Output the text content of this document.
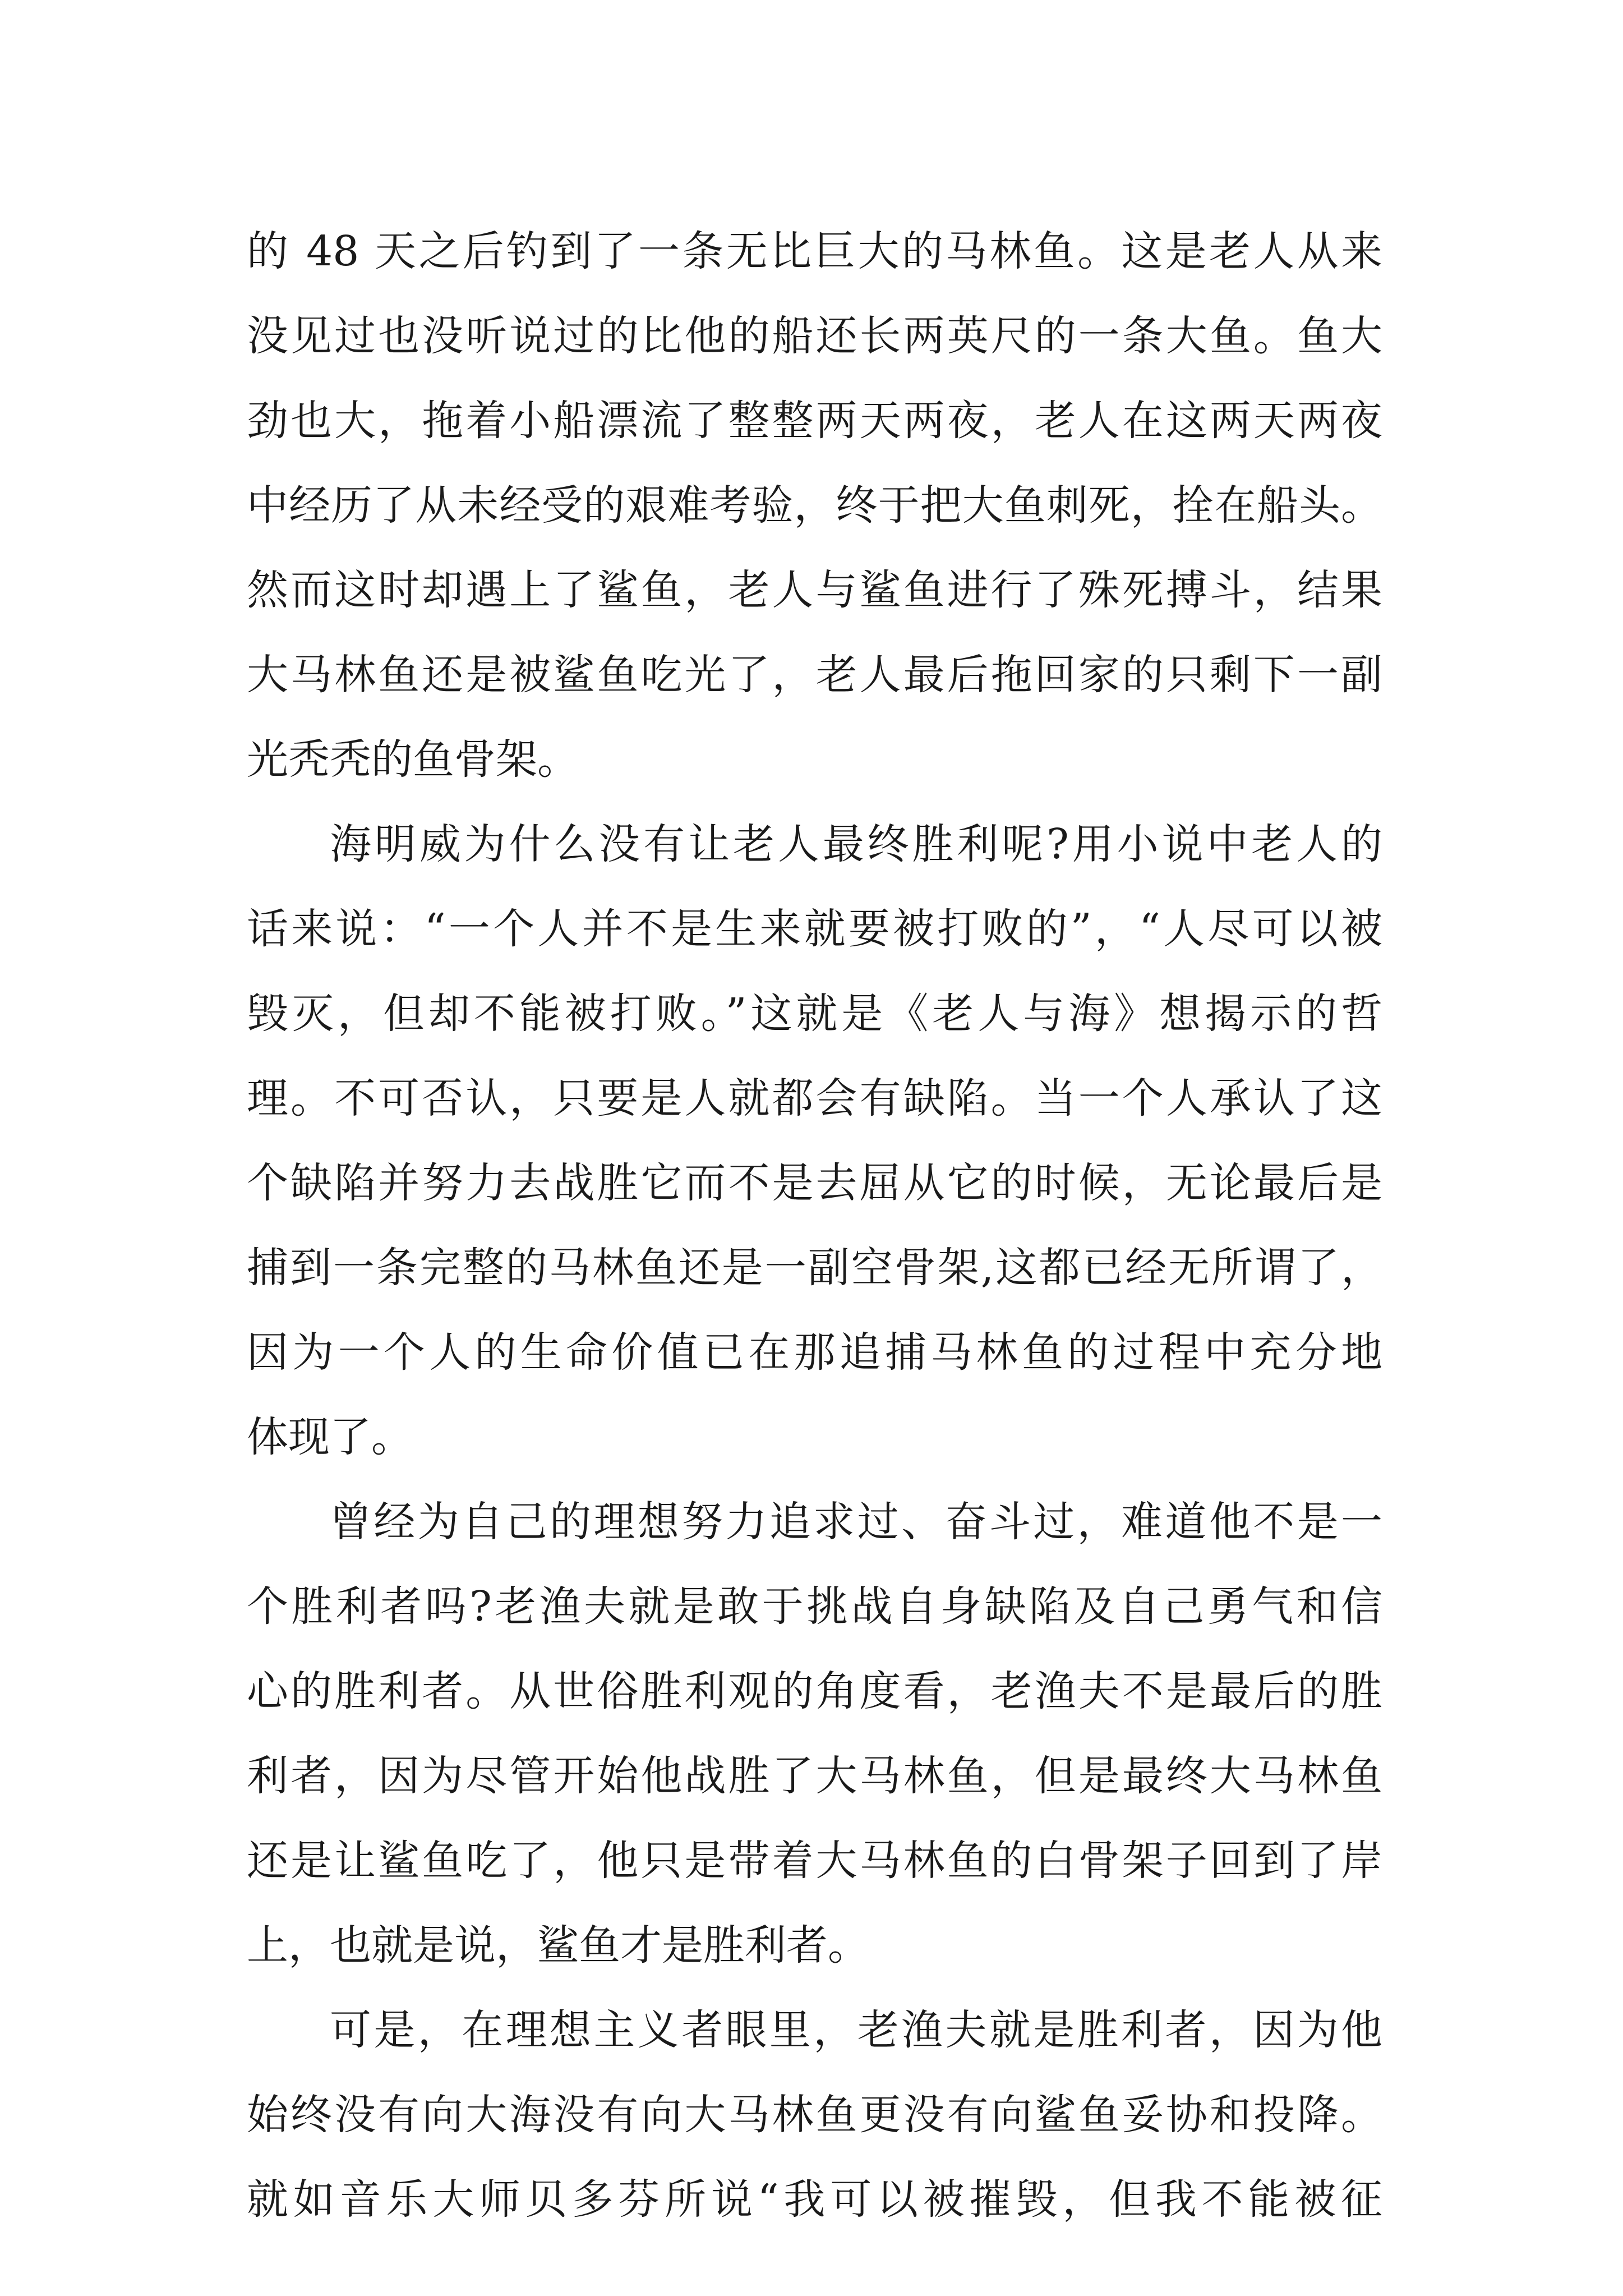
的 48 天之后钓到了一条无比巨大的马林鱼。这是老人从来
没见过也没听说过的比他的船还长两英尺的一条大鱼。鱼大
劲也大，拖着小船漂流了整整两天两夜，老人在这两天两夜
中经历了从未经受的艰难考验，终于把大鱼刺死，拴在船头。
然而这时却遇上了鲨鱼，老人与鲨鱼进行了殊死搏斗，结果
大马林鱼还是被鲨鱼吃光了，老人最后拖回家的只剩下一副
光秃秃的鱼骨架。
海明威为什么没有让老人最终胜利呢?用小说中老人的
话来说：“一个人并不是生来就要被打败的”，“人尽可以被
毁灭，但却不能被打败。”这就是《老人与海》想揭示的哲
理。不可否认，只要是人就都会有缺陷。当一个人承认了这
个缺陷并努力去战胜它而不是去屈从它的时候，无论最后是
捕到一条完整的马林鱼还是一副空骨架,这都已经无所谓了，
因为一个人的生命价值已在那追捕马林鱼的过程中充分地
体现了。
曾经为自己的理想努力追求过、奋斗过，难道他不是一
个胜利者吗?老渔夫就是敢于挑战自身缺陷及自己勇气和信
心的胜利者。从世俗胜利观的角度看，老渔夫不是最后的胜
利者，因为尽管开始他战胜了大马林鱼，但是最终大马林鱼
还是让鲨鱼吃了，他只是带着大马林鱼的白骨架子回到了岸
上，也就是说，鲨鱼才是胜利者。
可是，在理想主义者眼里，老渔夫就是胜利者，因为他
始终没有向大海没有向大马林鱼更没有向鲨鱼妥协和投降。
就如音乐大师贝多芬所说“我可以被摧毁，但我不能被征
